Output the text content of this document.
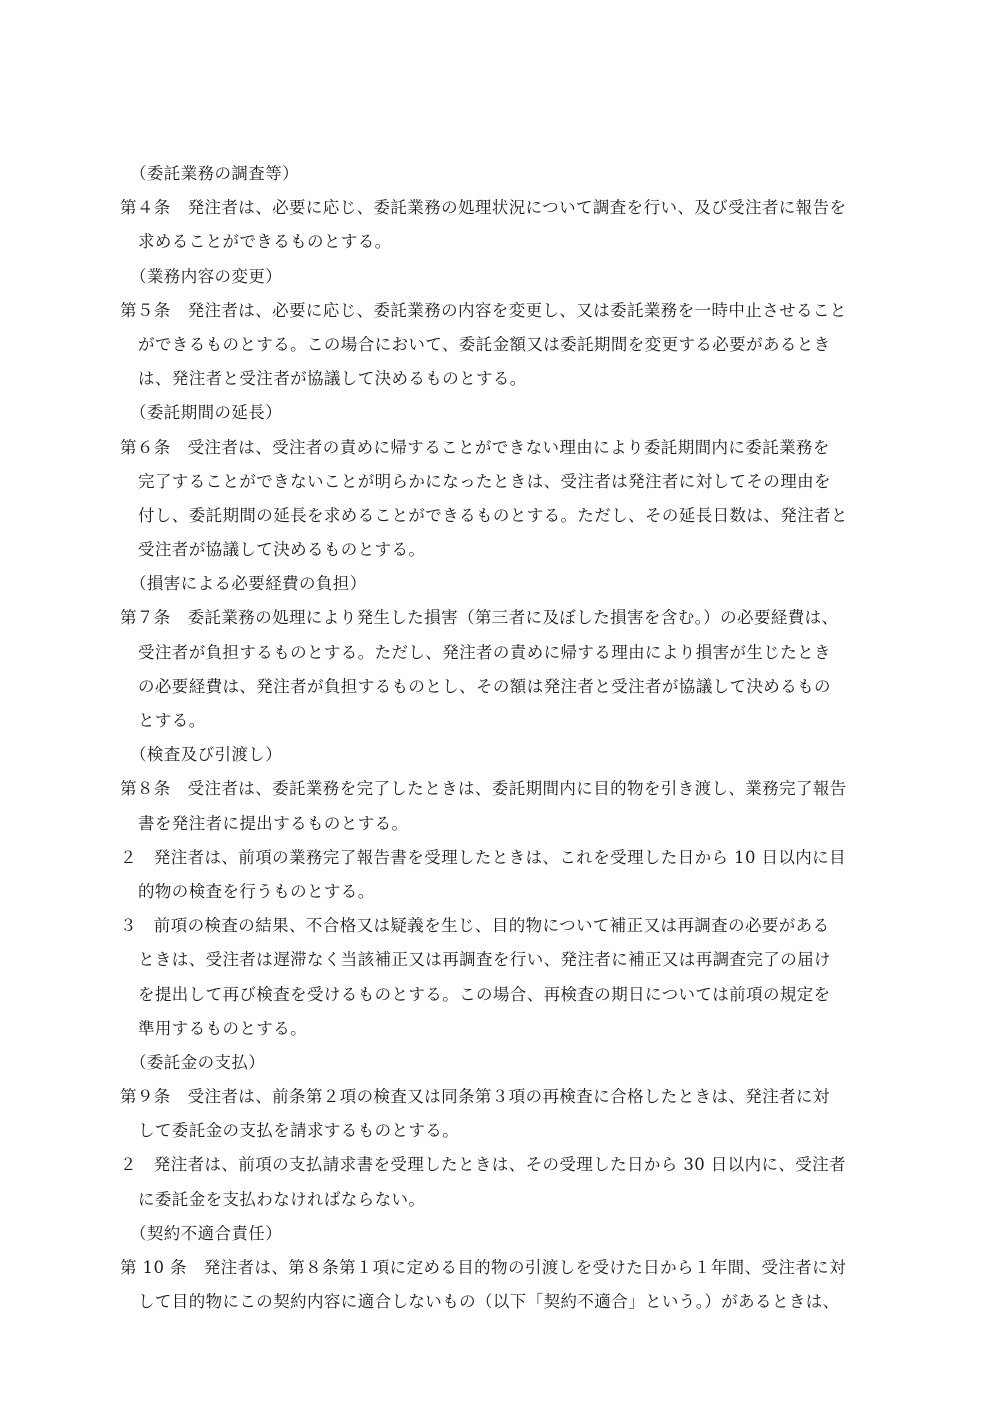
（委託業務の調査等）
第４条　発注者は、必要に応じ、委託業務の処理状況について調査を行い、及び受注者に報告を
求めることができるものとする。
（業務内容の変更）
第５条　発注者は、必要に応じ、委託業務の内容を変更し、又は委託業務を一時中止させること
ができるものとする。この場合において、委託金額又は委託期間を変更する必要があるとき
は、発注者と受注者が協議して決めるものとする。
（委託期間の延長）
第６条　受注者は、受注者の責めに帰することができない理由により委託期間内に委託業務を
完了することができないことが明らかになったときは、受注者は発注者に対してその理由を
付し、委託期間の延長を求めることができるものとする。ただし、その延長日数は、発注者と
受注者が協議して決めるものとする。
（損害による必要経費の負担）
第７条　委託業務の処理により発生した損害（第三者に及ぼした損害を含む。）の必要経費は、
受注者が負担するものとする。ただし、発注者の責めに帰する理由により損害が生じたとき
の必要経費は、発注者が負担するものとし、その額は発注者と受注者が協議して決めるもの
とする。
（検査及び引渡し）
第８条　受注者は、委託業務を完了したときは、委託期間内に目的物を引き渡し、業務完了報告
書を発注者に提出するものとする。
２　発注者は、前項の業務完了報告書を受理したときは、これを受理した日から 10 日以内に目
的物の検査を行うものとする。
３　前項の検査の結果、不合格又は疑義を生じ、目的物について補正又は再調査の必要がある
ときは、受注者は遅滞なく当該補正又は再調査を行い、発注者に補正又は再調査完了の届け
を提出して再び検査を受けるものとする。この場合、再検査の期日については前項の規定を
準用するものとする。
（委託金の支払）
第９条　受注者は、前条第２項の検査又は同条第３項の再検査に合格したときは、発注者に対
して委託金の支払を請求するものとする。
２　発注者は、前項の支払請求書を受理したときは、その受理した日から 30 日以内に、受注者
に委託金を支払わなければならない。
（契約不適合責任）
第 10 条　発注者は、第８条第１項に定める目的物の引渡しを受けた日から１年間、受注者に対
して目的物にこの契約内容に適合しないもの（以下「契約不適合」という。）があるときは、
